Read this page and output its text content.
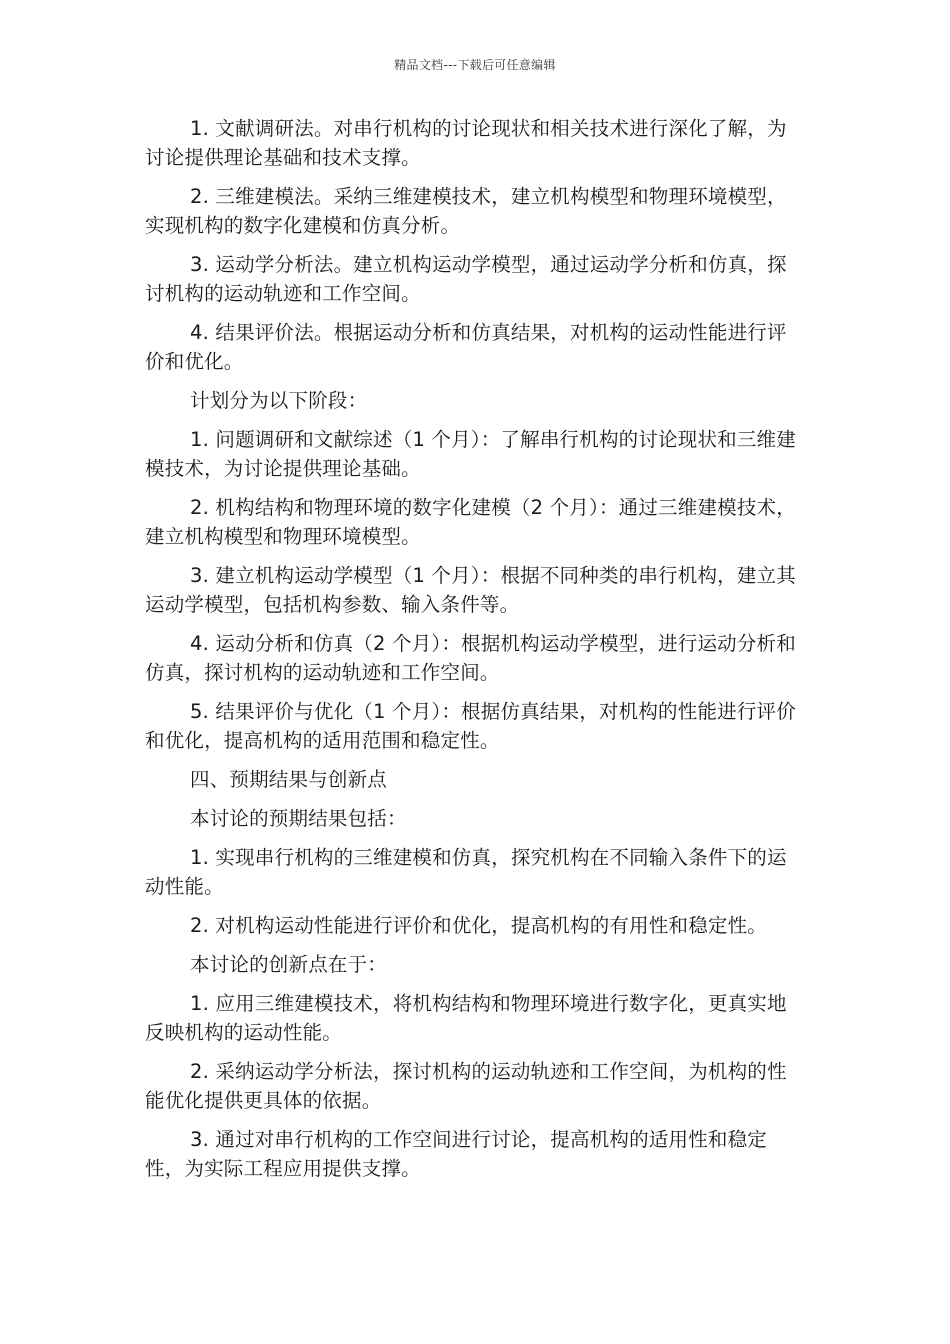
精品文档---下载后可任意编辑

1. 文献调研法。对串行机构的讨论现状和相关技术进行深化了解，为讨论提供理论基础和技术支撑。

2. 三维建模法。采纳三维建模技术，建立机构模型和物理环境模型，实现机构的数字化建模和仿真分析。

3. 运动学分析法。建立机构运动学模型，通过运动学分析和仿真，探讨机构的运动轨迹和工作空间。

4. 结果评价法。根据运动分析和仿真结果，对机构的运动性能进行评价和优化。

计划分为以下阶段：

1. 问题调研和文献综述（1 个月）：了解串行机构的讨论现状和三维建模技术，为讨论提供理论基础。

2. 机构结构和物理环境的数字化建模（2 个月）：通过三维建模技术，建立机构模型和物理环境模型。

3. 建立机构运动学模型（1 个月）：根据不同种类的串行机构，建立其运动学模型，包括机构参数、输入条件等。

4. 运动分析和仿真（2 个月）：根据机构运动学模型，进行运动分析和仿真，探讨机构的运动轨迹和工作空间。

5. 结果评价与优化（1 个月）：根据仿真结果，对机构的性能进行评价和优化，提高机构的适用范围和稳定性。

四、预期结果与创新点

本讨论的预期结果包括：

1. 实现串行机构的三维建模和仿真，探究机构在不同输入条件下的运动性能。

2. 对机构运动性能进行评价和优化，提高机构的有用性和稳定性。

本讨论的创新点在于：

1. 应用三维建模技术，将机构结构和物理环境进行数字化，更真实地反映机构的运动性能。

2. 采纳运动学分析法，探讨机构的运动轨迹和工作空间，为机构的性能优化提供更具体的依据。

3. 通过对串行机构的工作空间进行讨论，提高机构的适用性和稳定性，为实际工程应用提供支撑。
